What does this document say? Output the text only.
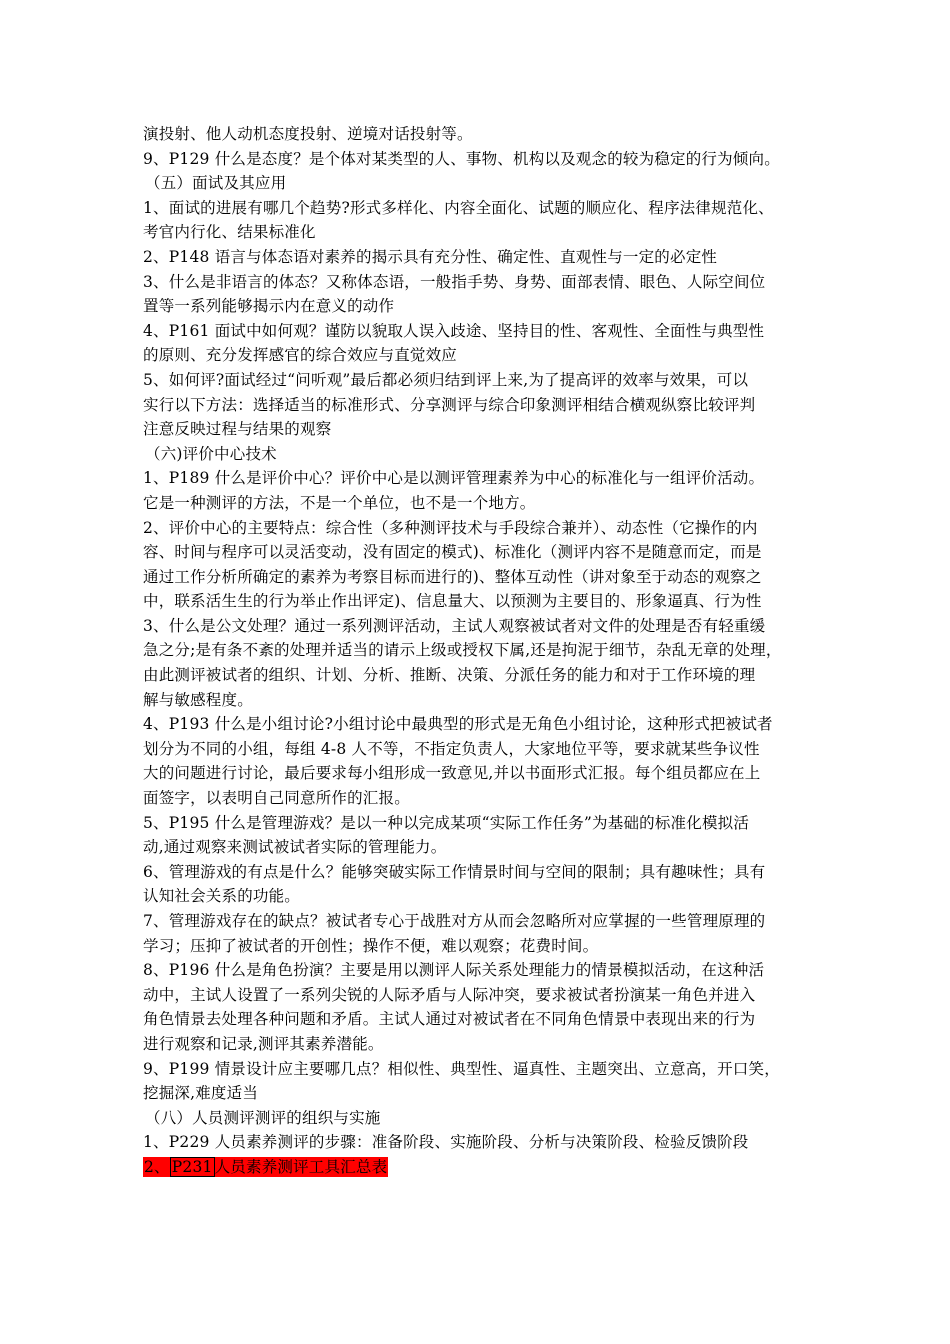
演投射、他人动机态度投射、逆境对话投射等。
9、P129 什么是态度？是个体对某类型的人、事物、机构以及观念的较为稳定的行为倾向。
（五）面试及其应用
1、面试的进展有哪几个趋势?形式多样化、内容全面化、试题的顺应化、程序法律规范化、
考官内行化、结果标准化
2、P148 语言与体态语对素养的揭示具有充分性、确定性、直观性与一定的必定性
3、什么是非语言的体态？又称体态语，一般指手势、身势、面部表情、眼色、人际空间位
置等一系列能够揭示内在意义的动作
4、P161 面试中如何观？谨防以貌取人误入歧途、坚持目的性、客观性、全面性与典型性
的原则、充分发挥感官的综合效应与直觉效应
5、如何评?面试经过“问听观”最后都必须归结到评上来,为了提高评的效率与效果，可以
实行以下方法：选择适当的标准形式、分享测评与综合印象测评相结合横观纵察比较评判
注意反映过程与结果的观察
（六)评价中心技术
1、P189 什么是评价中心？评价中心是以测评管理素养为中心的标准化与一组评价活动。
它是一种测评的方法，不是一个单位，也不是一个地方。
2、评价中心的主要特点：综合性（多种测评技术与手段综合兼并）、动态性（它操作的内
容、时间与程序可以灵活变动，没有固定的模式)、标准化（测评内容不是随意而定，而是
通过工作分析所确定的素养为考察目标而进行的)、整体互动性（讲对象至于动态的观察之
中，联系活生生的行为举止作出评定)、信息量大、以预测为主要目的、形象逼真、行为性
3、什么是公文处理？通过一系列测评活动，主试人观察被试者对文件的处理是否有轻重缓
急之分;是有条不紊的处理并适当的请示上级或授权下属,还是拘泥于细节，杂乱无章的处理，
由此测评被试者的组织、计划、分析、推断、决策、分派任务的能力和对于工作环境的理
解与敏感程度。
4、P193 什么是小组讨论?小组讨论中最典型的形式是无角色小组讨论，这种形式把被试者
划分为不同的小组，每组 4-8 人不等，不指定负责人，大家地位平等，要求就某些争议性
大的问题进行讨论，最后要求每小组形成一致意见,并以书面形式汇报。每个组员都应在上
面签字，以表明自己同意所作的汇报。
5、P195 什么是管理游戏？是以一种以完成某项“实际工作任务”为基础的标准化模拟活
动,通过观察来测试被试者实际的管理能力。
6、管理游戏的有点是什么？能够突破实际工作情景时间与空间的限制；具有趣味性；具有
认知社会关系的功能。
7、管理游戏存在的缺点？被试者专心于战胜对方从而会忽略所对应掌握的一些管理原理的
学习；压抑了被试者的开创性；操作不便，难以观察；花费时间。
8、P196 什么是角色扮演？主要是用以测评人际关系处理能力的情景模拟活动，在这种活
动中，主试人设置了一系列尖锐的人际矛盾与人际冲突，要求被试者扮演某一角色并进入
角色情景去处理各种问题和矛盾。主试人通过对被试者在不同角色情景中表现出来的行为
进行观察和记录,测评其素养潜能。
9、P199 情景设计应主要哪几点？相似性、典型性、逼真性、主题突出、立意高，开口笑，
挖掘深,难度适当
（八）人员测评测评的组织与实施
1、P229 人员素养测评的步骤：准备阶段、实施阶段、分析与决策阶段、检验反馈阶段
2、 P231 人员素养测评工具汇总表
